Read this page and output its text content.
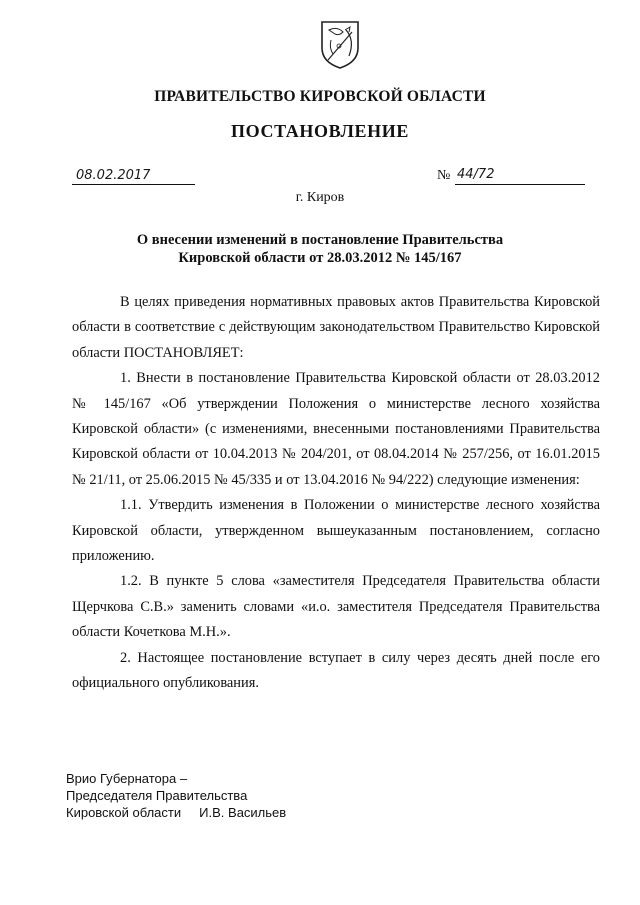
ПРАВИТЕЛЬСТВО КИРОВСКОЙ ОБЛАСТИ
ПОСТАНОВЛЕНИЕ
08.02.2017	№ 44/72
г. Киров
О внесении изменений в постановление Правительства
Кировской области от 28.03.2012 № 145/167

В целях приведения нормативных правовых актов Правительства Кировской области в соответствие с действующим законодательством Правительство Кировской области ПОСТАНОВЛЯЕТ:

1. Внести в постановление Правительства Кировской области от 28.03.2012 № 145/167 «Об утверждении Положения о министерстве лесного хозяйства Кировской области» (с изменениями, внесенными постановлениями Правительства Кировской области от 10.04.2013 № 204/201, от 08.04.2014 № 257/256, от 16.01.2015 № 21/11, от 25.06.2015 № 45/335 и от 13.04.2016 № 94/222) следующие изменения:

1.1. Утвердить изменения в Положении о министерстве лесного хозяйства Кировской области, утвержденном вышеуказанным постановлением, согласно приложению.

1.2. В пункте 5 слова «заместителя Председателя Правительства области Щерчкова С.В.» заменить словами «и.о. заместителя Председателя Правительства области Кочеткова М.Н.».

2. Настоящее постановление вступает в силу через десять дней после его официального опубликования.

Врио Губернатора –
Председателя Правительства
Кировской области     И.В. Васильев
